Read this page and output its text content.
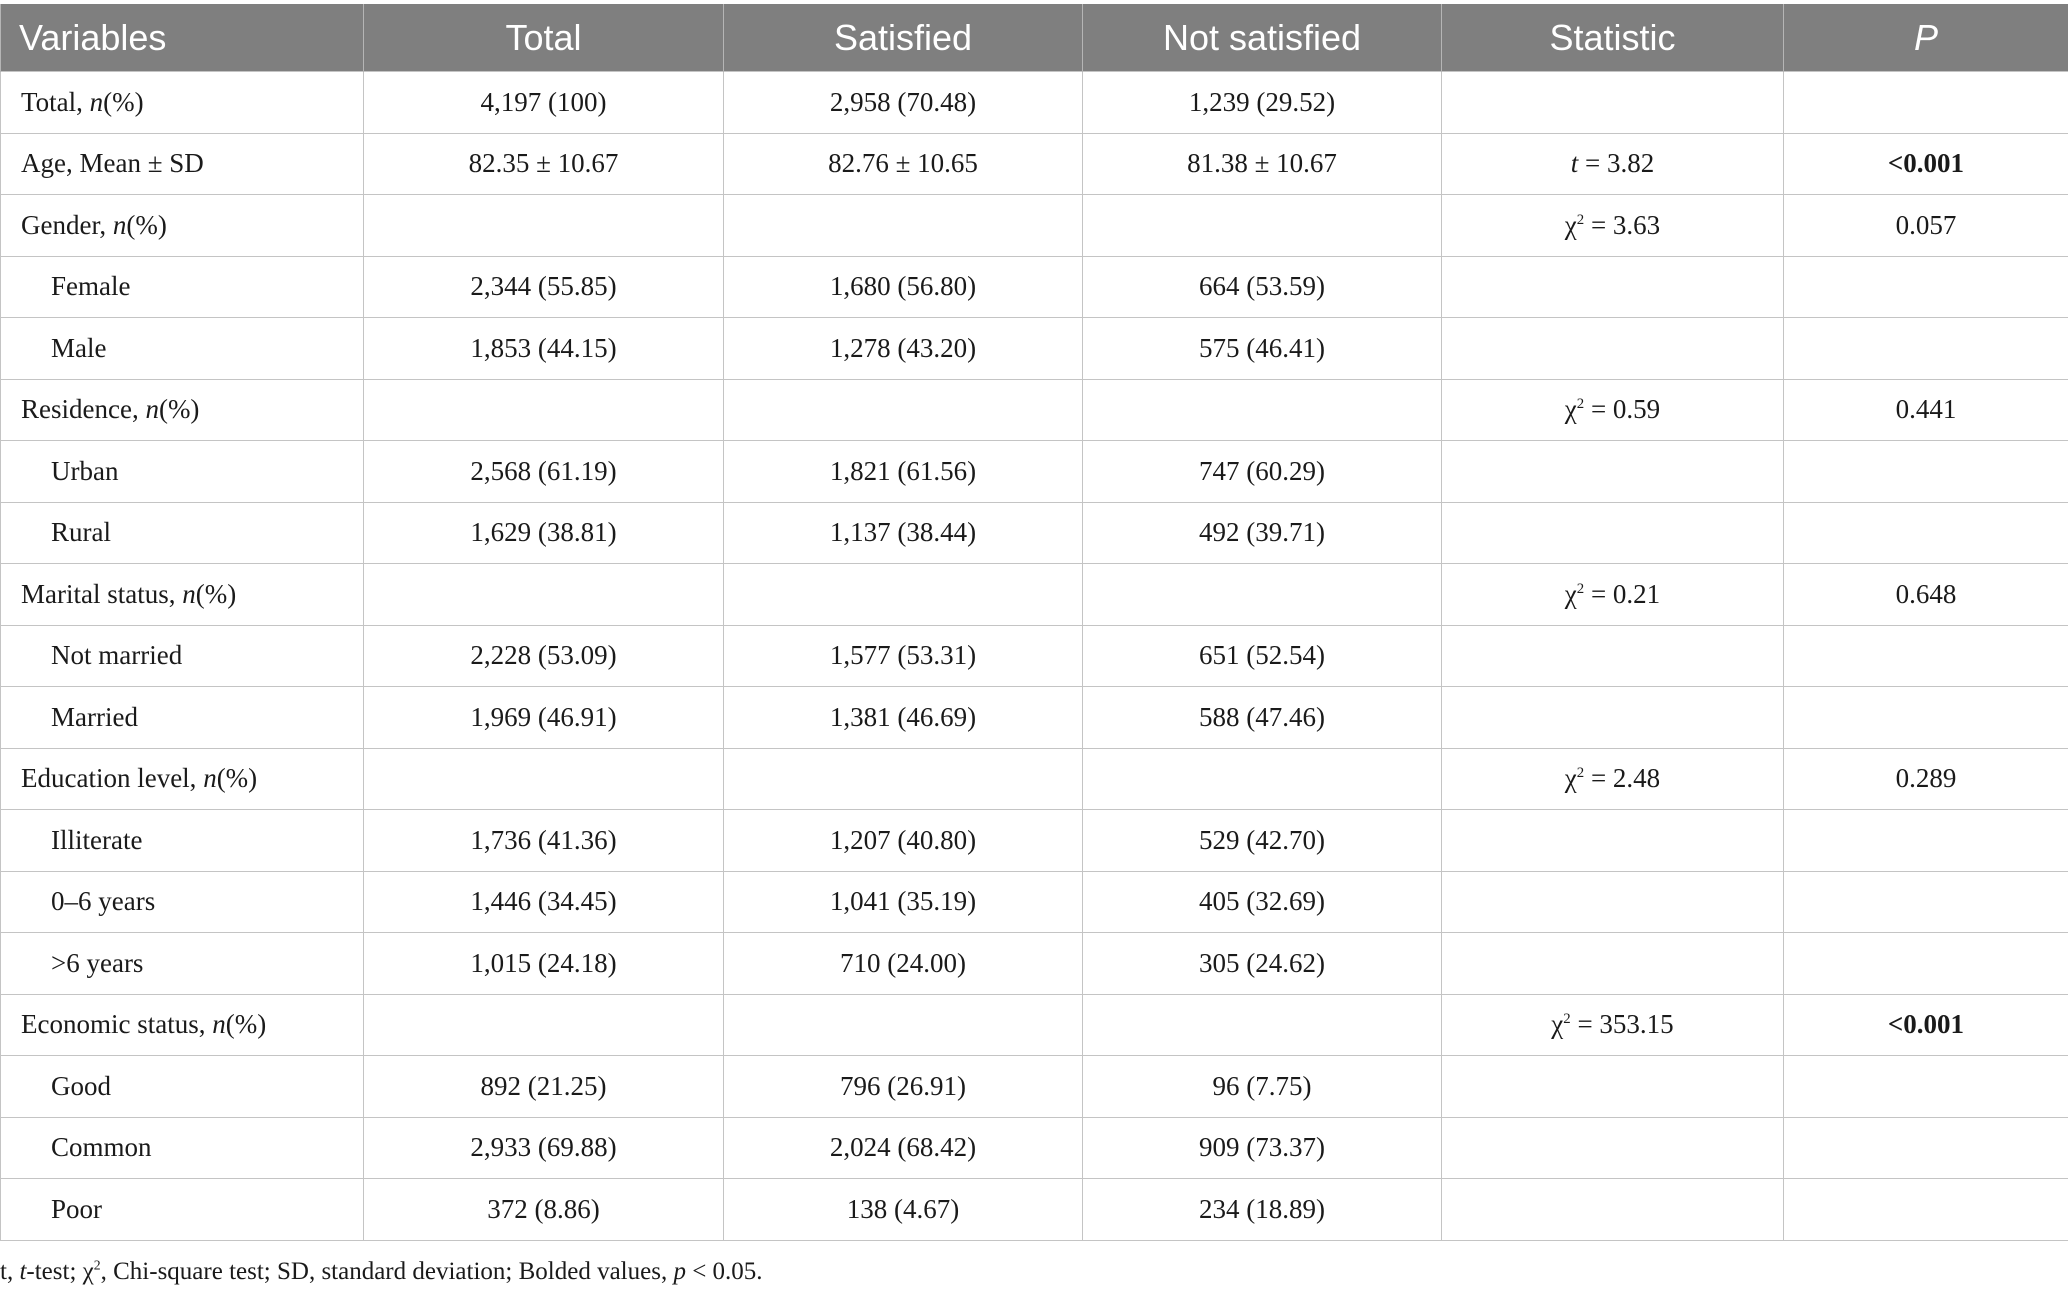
Variables	Total	Satisfied	Not satisfied	Statistic	P
Total, n(%)	4,197 (100)	2,958 (70.48)	1,239 (29.52)		
Age, Mean ± SD	82.35 ± 10.67	82.76 ± 10.65	81.38 ± 10.67	t = 3.82	<0.001
Gender, n(%)				$\chi^2 = 3.63$	0.057
Female	2,344 (55.85)	1,680 (56.80)	664 (53.59)		
Male	1,853 (44.15)	1,278 (43.20)	575 (46.41)		
Residence, n(%)				$\chi^2 = 0.59$	0.441
Urban	2,568 (61.19)	1,821 (61.56)	747 (60.29)		
Rural	1,629 (38.81)	1,137 (38.44)	492 (39.71)		
Marital status, n(%)				$\chi^2 = 0.21$	0.648
Not married	2,228 (53.09)	1,577 (53.31)	651 (52.54)		
Married	1,969 (46.91)	1,381 (46.69)	588 (47.46)		
Education level, n(%)				$\chi^2 = 2.48$	0.289
Illiterate	1,736 (41.36)	1,207 (40.80)	529 (42.70)		
0–6 years	1,446 (34.45)	1,041 (35.19)	405 (32.69)		
>6 years	1,015 (24.18)	710 (24.00)	305 (24.62)		
Economic status, n(%)				$\chi^2 = 353.15$	<0.001
Good	892 (21.25)	796 (26.91)	96 (7.75)		
Common	2,933 (69.88)	2,024 (68.42)	909 (73.37)		
Poor	372 (8.86)	138 (4.67)	234 (18.89)		
t, t-test; $\chi^2$, Chi-square test; SD, standard deviation; Bolded values, p < 0.05.
